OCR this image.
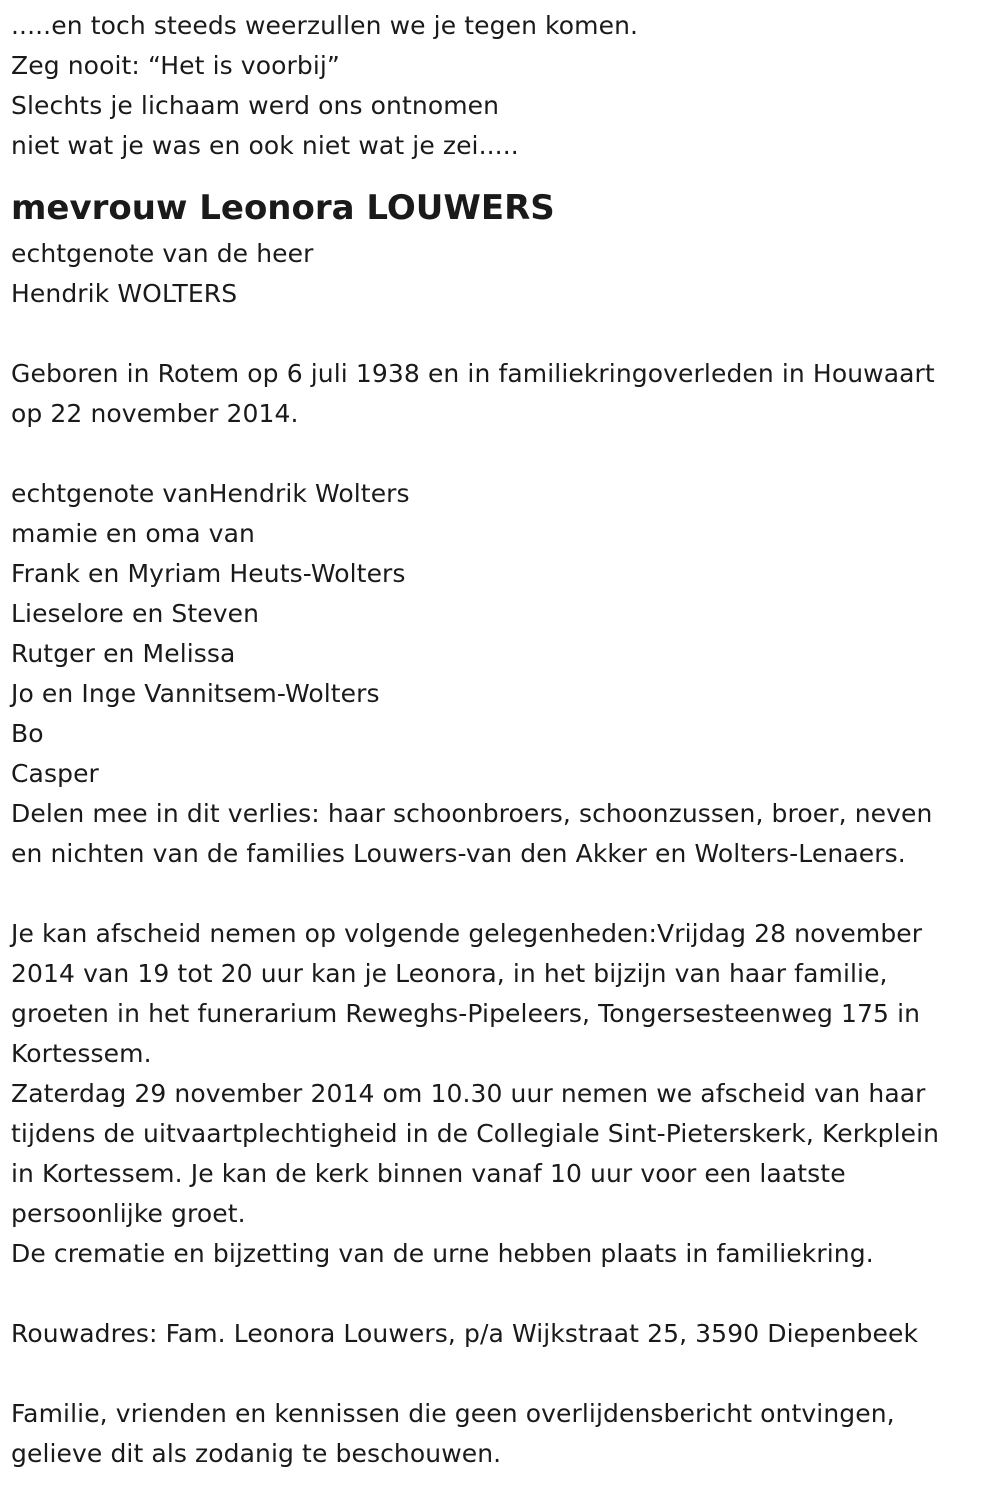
.....en toch steeds weerzullen we je tegen komen.
Zeg nooit: “Het is voorbij”
Slechts je lichaam werd ons ontnomen
niet wat je was en ook niet wat je zei.....
mevrouw Leonora LOUWERS
echtgenote van de heer
Hendrik WOLTERS
Geboren in Rotem op 6 juli 1938 en in familiekringoverleden in Houwaart
op 22 november 2014.
echtgenote vanHendrik Wolters
mamie en oma van
Frank en Myriam Heuts-Wolters
Lieselore en Steven
Rutger en Melissa
Jo en Inge Vannitsem-Wolters
Bo
Casper
Delen mee in dit verlies: haar schoonbroers, schoonzussen, broer, neven
en nichten van de families Louwers-van den Akker en Wolters-Lenaers.
Je kan afscheid nemen op volgende gelegenheden:Vrijdag 28 november
2014 van 19 tot 20 uur kan je Leonora, in het bijzijn van haar familie,
groeten in het funerarium Reweghs-Pipeleers, Tongersesteenweg 175 in
Kortessem.
Zaterdag 29 november 2014 om 10.30 uur nemen we afscheid van haar
tijdens de uitvaartplechtigheid in de Collegiale Sint-Pieterskerk, Kerkplein
in Kortessem. Je kan de kerk binnen vanaf 10 uur voor een laatste
persoonlijke groet.
De crematie en bijzetting van de urne hebben plaats in familiekring.
Rouwadres: Fam. Leonora Louwers, p/a Wijkstraat 25, 3590 Diepenbeek
Familie, vrienden en kennissen die geen overlijdensbericht ontvingen,
gelieve dit als zodanig te beschouwen.
